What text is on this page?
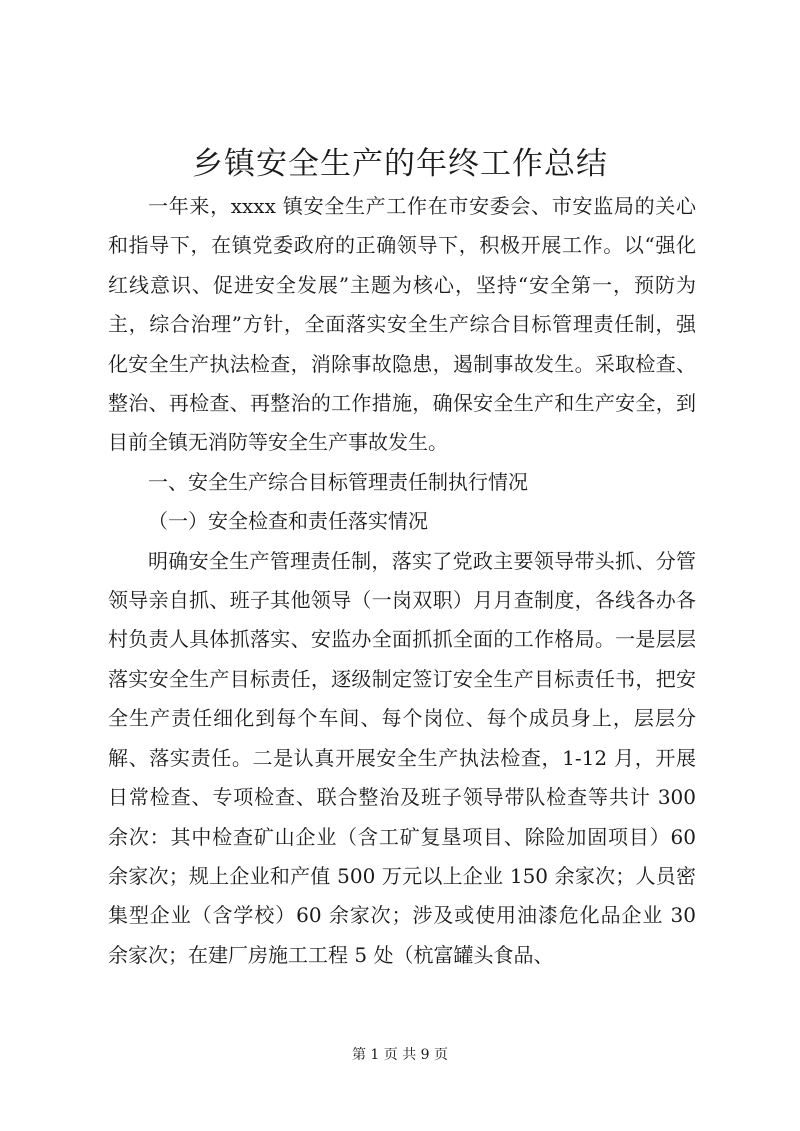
乡镇安全生产的年终工作总结

一年来，xxxx 镇安全生产工作在市安委会、市安监局的关心和指导下，在镇党委政府的正确领导下，积极开展工作。以“强化红线意识、促进安全发展”主题为核心，坚持“安全第一，预防为主，综合治理”方针，全面落实安全生产综合目标管理责任制，强化安全生产执法检查，消除事故隐患，遏制事故发生。采取检查、整治、再检查、再整治的工作措施，确保安全生产和生产安全，到目前全镇无消防等安全生产事故发生。

一、安全生产综合目标管理责任制执行情况

（一）安全检查和责任落实情况

明确安全生产管理责任制，落实了党政主要领导带头抓、分管领导亲自抓、班子其他领导（一岗双职）月月查制度，各线各办各村负责人具体抓落实、安监办全面抓抓全面的工作格局。一是层层落实安全生产目标责任，逐级制定签订安全生产目标责任书，把安全生产责任细化到每个车间、每个岗位、每个成员身上，层层分解、落实责任。二是认真开展安全生产执法检查，1-12 月，开展日常检查、专项检查、联合整治及班子领导带队检查等共计 300 余次：其中检查矿山企业（含工矿复垦项目、除险加固项目）60 余家次；规上企业和产值 500 万元以上企业 150 余家次；人员密集型企业（含学校）60 余家次；涉及或使用油漆危化品企业 30 余家次；在建厂房施工工程 5 处（杭富罐头食品、

第 1 页 共 9 页
